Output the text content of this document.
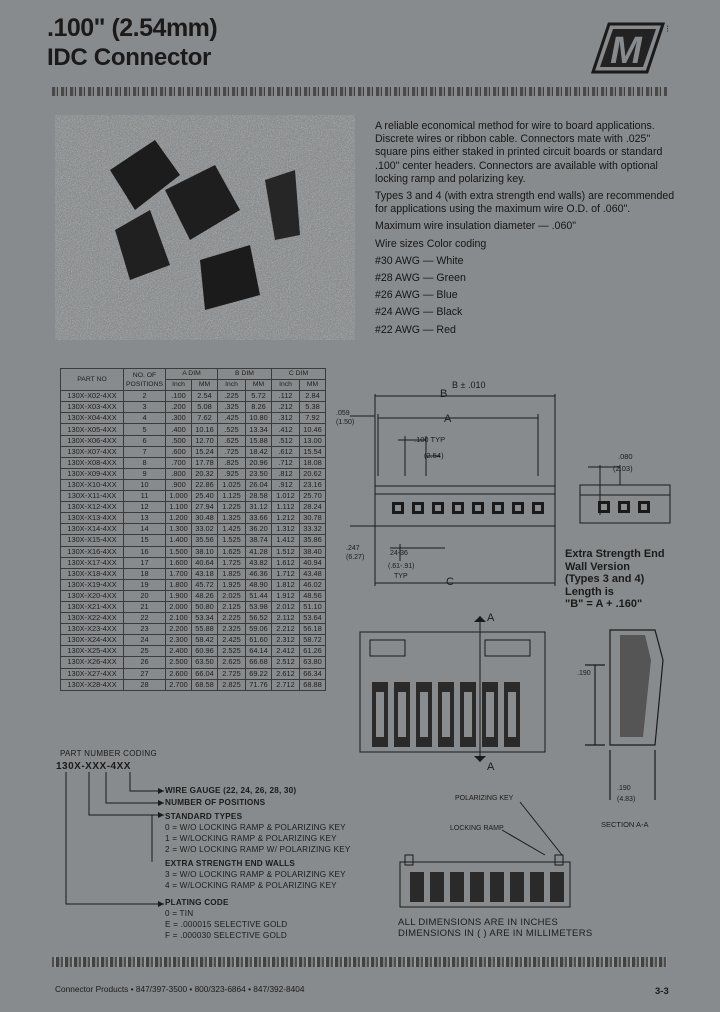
.100" (2.54mm)
IDC Connector	M
⁝

A reliable economical method for wire to board applications. Discrete wires or ribbon cable. Connectors mate with .025" square pins either staked in printed circuit boards or standard .100" center headers. Connectors are available with optional locking ramp and polarizing key.

Types 3 and 4 (with extra strength end walls) are recommended for applications using the maximum wire O.D. of .060".

Maximum wire insulation diameter — .060"

Wire sizes Color coding

#30 AWG — White

#28 AWG — Green

#26 AWG — Blue

#24 AWG — Black

#22 AWG — Red

PART NO	NO. OF POSITIONS	A DIM		B DIM		C DIM	
		Inch	MM	Inch	MM	Inch	MM
130X-X02-4XX	2	.100	2.54	.225	5.72	.112	2.84
130X-X03-4XX	3	.200	5.08	.325	8.26	.212	5.38
130X-X04-4XX	4	.300	7.62	.425	10.80	.312	7.92
130X-X05-4XX	5	.400	10.16	.525	13.34	.412	10.46
130X-X06-4XX	6	.500	12.70	.625	15.88	.512	13.00
130X-X07-4XX	7	.600	15.24	.725	18.42	.612	15.54
130X-X08-4XX	8	.700	17.78	.825	20.96	.712	18.08
130X-X09-4XX	9	.800	20.32	.925	23.50	.812	20.62
130X-X10-4XX	10	.900	22.86	1.025	26.04	.912	23.16
130X-X11-4XX	11	1.000	25.40	1.125	28.58	1.012	25.70
130X-X12-4XX	12	1.100	27.94	1.225	31.12	1.112	28.24
130X-X13-4XX	13	1.200	30.48	1.325	33.66	1.212	30.78
130X-X14-4XX	14	1.300	33.02	1.425	36.20	1.312	33.32
130X-X15-4XX	15	1.400	35.56	1.525	38.74	1.412	35.86
130X-X16-4XX	16	1.500	38.10	1.625	41.28	1.512	38.40
130X-X17-4XX	17	1.600	40.64	1.725	43.82	1.612	40.94
130X-X18-4XX	18	1.700	43.18	1.825	46.36	1.712	43.48
130X-X19-4XX	19	1.800	45.72	1.925	48.90	1.812	46.02
130X-X20-4XX	20	1.900	48.26	2.025	51.44	1.912	48.56
130X-X21-4XX	21	2.000	50.80	2.125	53.98	2.012	51.10
130X-X22-4XX	22	2.100	53.34	2.225	56.52	2.112	53.64
130X-X23-4XX	23	2.200	55.88	2.325	59.06	2.212	56.18
130X-X24-4XX	24	2.300	58.42	2.425	61.60	2.312	58.72
130X-X25-4XX	25	2.400	60.96	2.525	64.14	2.412	61.26
130X-X26-4XX	26	2.500	63.50	2.625	66.68	2.512	63.80
130X-X27-4XX	27	2.600	66.04	2.725	69.22	2.612	66.34
130X-X28-4XX	28	2.700	68.58	2.825	71.76	2.712	68.88
PART NUMBER CODING
130X-XXX-4XX
WIRE GAUGE (22, 24, 26, 28, 30)
NUMBER OF POSITIONS
STANDARD TYPES
0 = W/O LOCKING RAMP & POLARIZING KEY
1 = W/LOCKING RAMP & POLARIZING KEY
2 = W/O LOCKING RAMP W/ POLARIZING KEY
EXTRA STRENGTH END WALLS
3 = W/O LOCKING RAMP & POLARIZING KEY
4 = W/LOCKING RAMP & POLARIZING KEY
PLATING CODE
0 = TIN
E = .000015 SELECTIVE GOLD
F = .000030 SELECTIVE GOLD
B ± .010
B
.059
(1.50)	A
.100 TYP
(2.54)
.247
(6.27)
24-36
(.61-.91)
TYP	C
.080
(2.03)
Extra Strength End
Wall Version
(Types 3 and 4)
Length is
"B" = A + .160"
A
A
.190
.190
(4.83)
SECTION A-A
POLARIZING KEY
LOCKING RAMP
ALL DIMENSIONS ARE IN INCHES
DIMENSIONS IN ( ) ARE IN MILLIMETERS
Connector Products • 847/397-3500 • 800/323-6864 • 847/392-8404	3-3
